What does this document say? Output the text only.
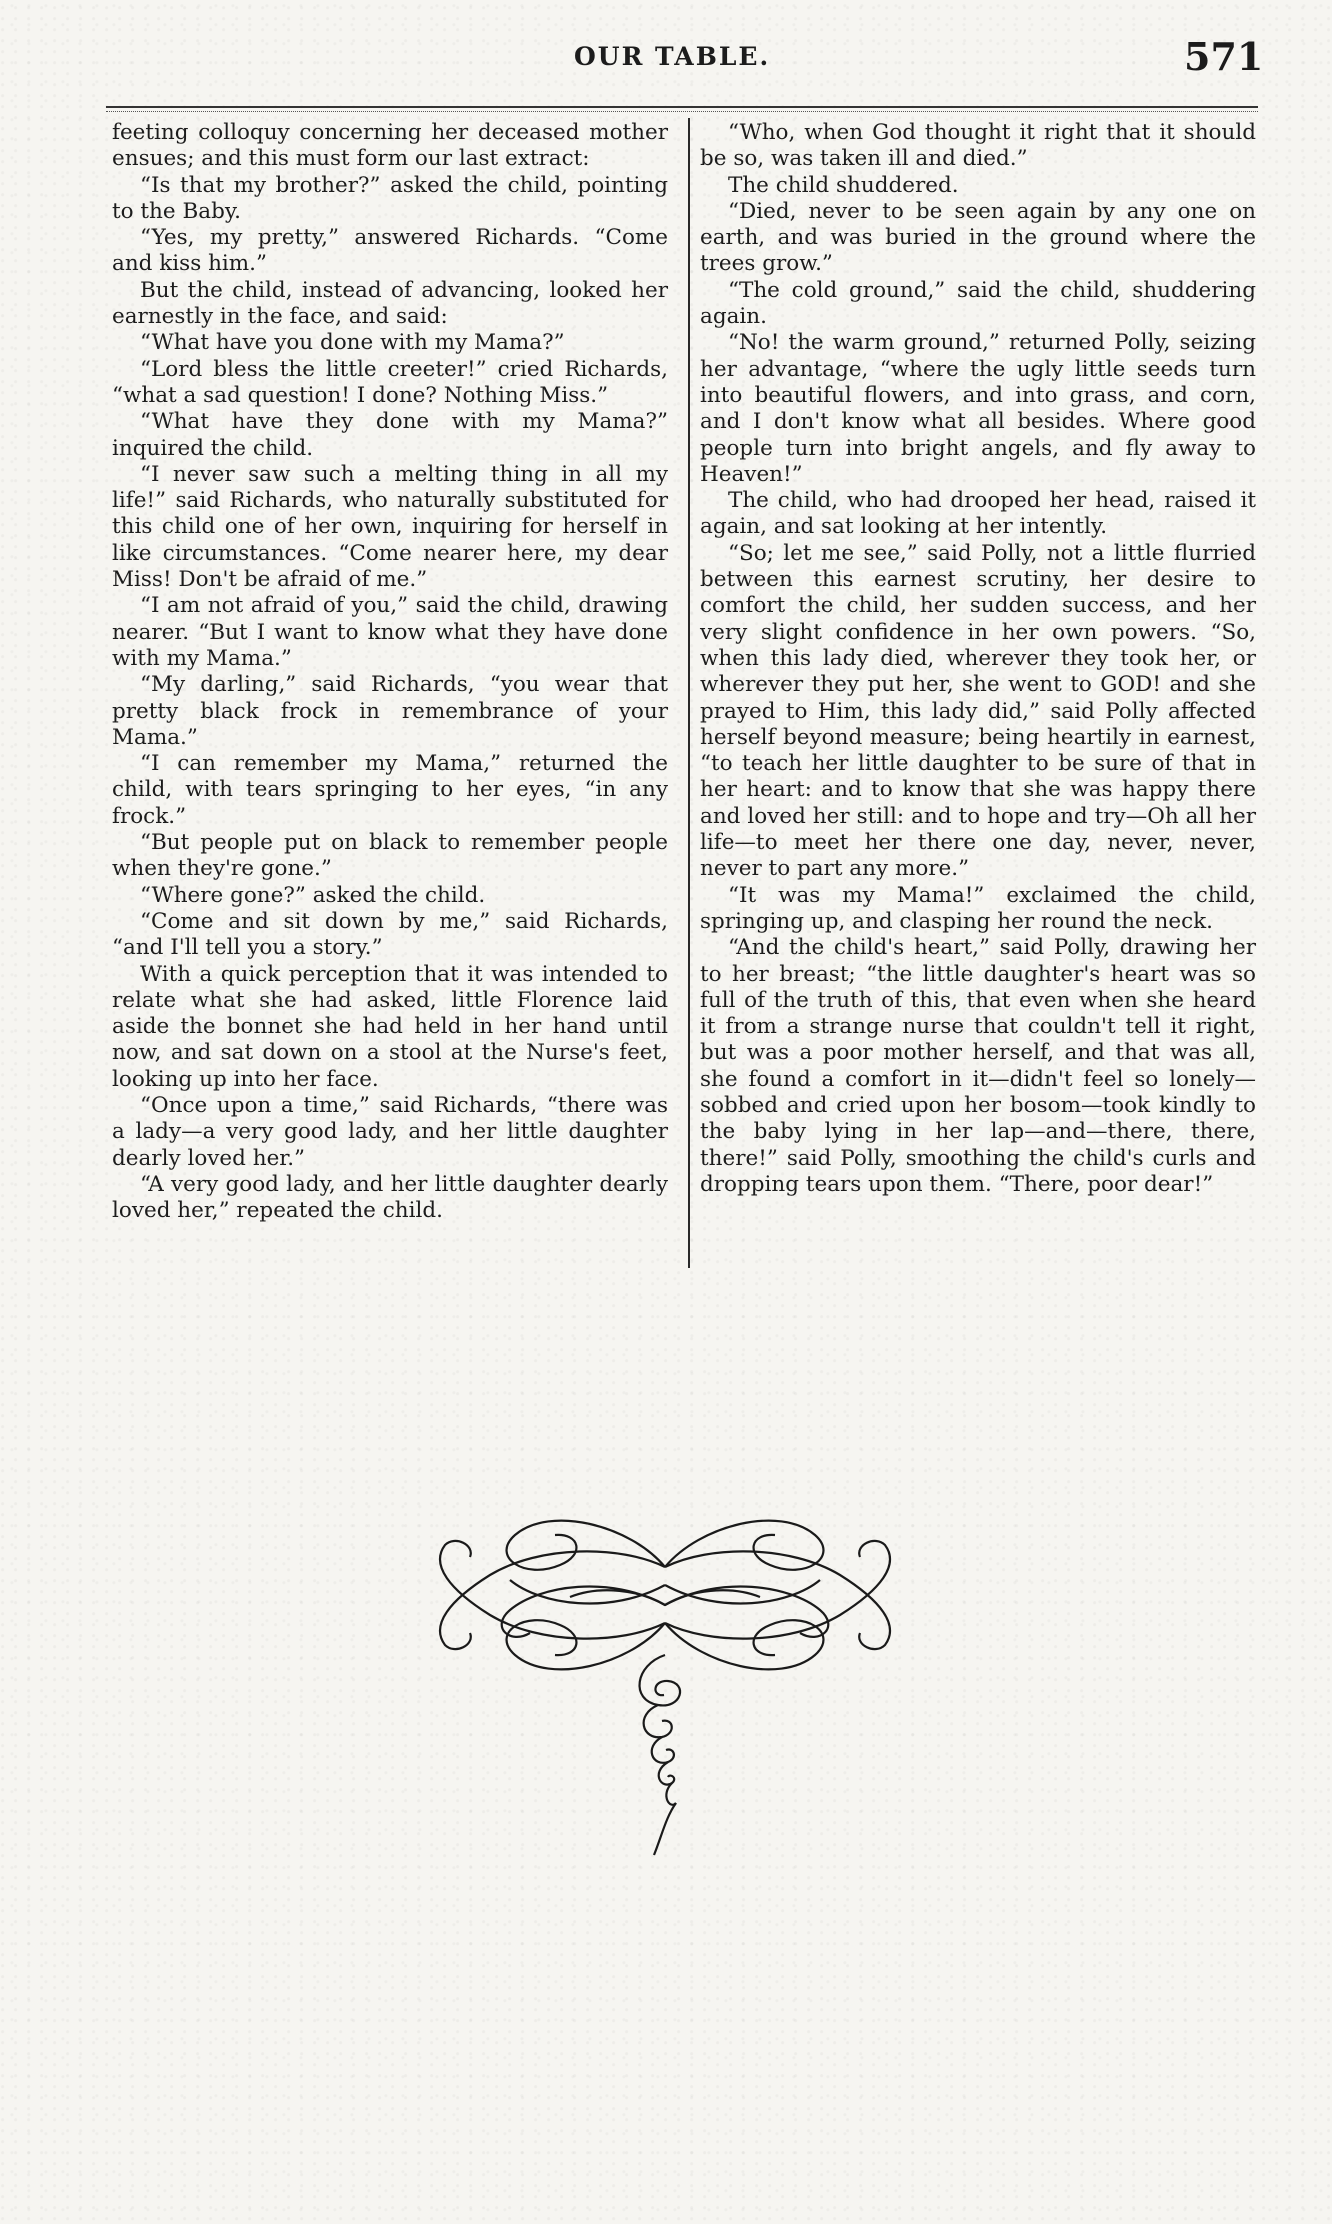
OUR TABLE.	571

feeting colloquy concerning her deceased mother ensues; and this must form our last extract:

“Is that my brother?” asked the child, pointing to the Baby.

“Yes, my pretty,” answered Richards. “Come and kiss him.”

But the child, instead of advancing, looked her earnestly in the face, and said:

“What have you done with my Mama?”

“Lord bless the little creeter!” cried Richards, “what a sad question! I done? Nothing Miss.”

“What have they done with my Mama?” inquired the child.

“I never saw such a melting thing in all my life!” said Richards, who naturally substituted for this child one of her own, inquiring for herself in like circumstances. “Come nearer here, my dear Miss! Don't be afraid of me.”

“I am not afraid of you,” said the child, drawing nearer. “But I want to know what they have done with my Mama.”

“My darling,” said Richards, “you wear that pretty black frock in remembrance of your Mama.”

“I can remember my Mama,” returned the child, with tears springing to her eyes, “in any frock.”

“But people put on black to remember people when they're gone.”

“Where gone?” asked the child.

“Come and sit down by me,” said Richards, “and I'll tell you a story.”

With a quick perception that it was intended to relate what she had asked, little Florence laid aside the bonnet she had held in her hand until now, and sat down on a stool at the Nurse's feet, looking up into her face.

“Once upon a time,” said Richards, “there was a lady—a very good lady, and her little daughter dearly loved her.”

“A very good lady, and her little daughter dearly loved her,” repeated the child.

“Who, when God thought it right that it should be so, was taken ill and died.”

The child shuddered.

“Died, never to be seen again by any one on earth, and was buried in the ground where the trees grow.”

“The cold ground,” said the child, shuddering again.

“No! the warm ground,” returned Polly, seizing her advantage, “where the ugly little seeds turn into beautiful flowers, and into grass, and corn, and I don't know what all besides. Where good people turn into bright angels, and fly away to Heaven!”

The child, who had drooped her head, raised it again, and sat looking at her intently.

“So; let me see,” said Polly, not a little flurried between this earnest scrutiny, her desire to comfort the child, her sudden success, and her very slight confidence in her own powers. “So, when this lady died, wherever they took her, or wherever they put her, she went to GOD! and she prayed to Him, this lady did,” said Polly affected herself beyond measure; being heartily in earnest, “to teach her little daughter to be sure of that in her heart: and to know that she was happy there and loved her still: and to hope and try—Oh all her life—to meet her there one day, never, never, never to part any more.”

“It was my Mama!” exclaimed the child, springing up, and clasping her round the neck.

“And the child's heart,” said Polly, drawing her to her breast; “the little daughter's heart was so full of the truth of this, that even when she heard it from a strange nurse that couldn't tell it right, but was a poor mother herself, and that was all, she found a comfort in it—didn't feel so lonely—sobbed and cried upon her bosom—took kindly to the baby lying in her lap—and—there, there, there!” said Polly, smoothing the child's curls and dropping tears upon them. “There, poor dear!”
